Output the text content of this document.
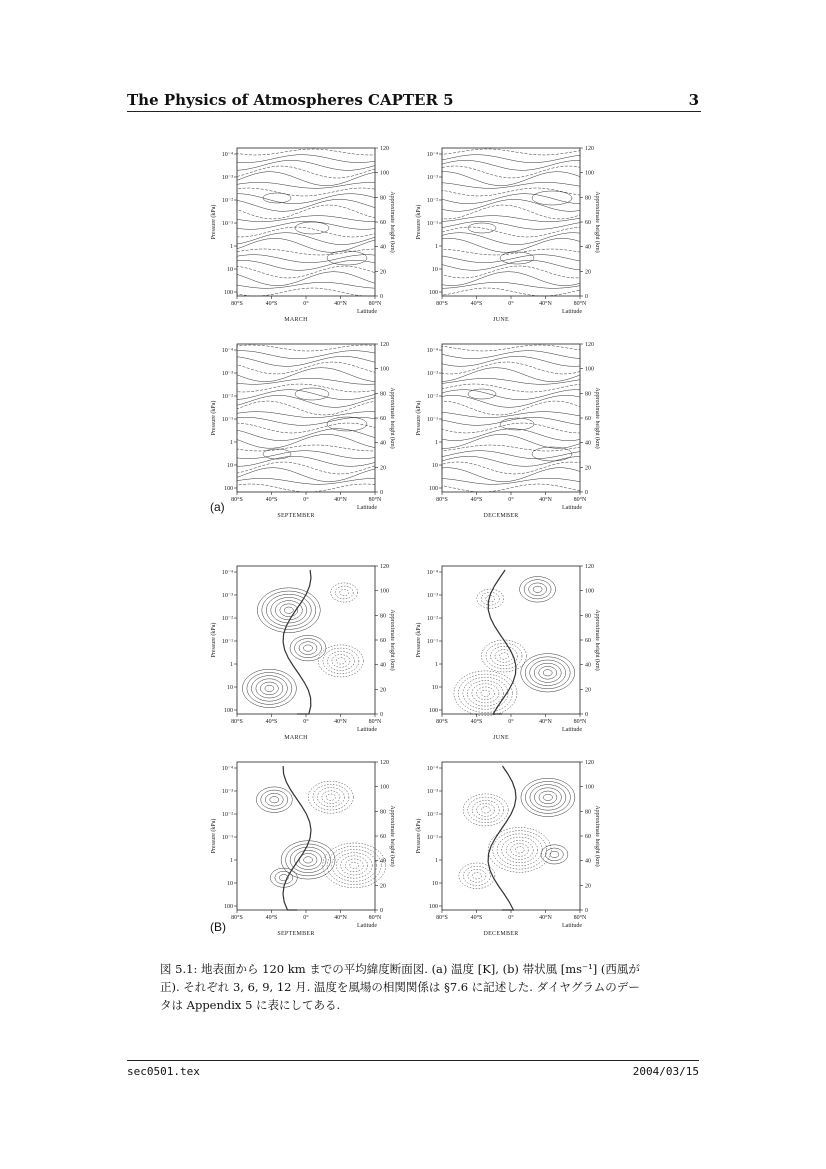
The Physics of Atmospheres CAPTER 5	3
80°S	40°S	0°	40°N	80°N
10⁻⁴
10⁻³
10⁻²
10⁻¹
1
10
100
120
100
80
60
40
20
0
Pressure (kPa)	Approximate height (km)
Latitude
MARCH
80°S	40°S	0°	40°N	80°N
10⁻⁴
10⁻³
10⁻²
10⁻¹
1
10
100
120
100
80
60
40
20
0
Pressure (kPa)	Approximate height (km)
Latitude
JUNE
80°S	40°S	0°	40°N	80°N
10⁻⁴
10⁻³
10⁻²
10⁻¹
1
10
100
120
100
80
60
40
20
0
Pressure (kPa)	Approximate height (km)
Latitude
SEPTEMBER
80°S	40°S	0°	40°N	80°N
10⁻⁴
10⁻³
10⁻²
10⁻¹
1
10
100
120
100
80
60
40
20
0
Pressure (kPa)	Approximate height (km)
Latitude
DECEMBER
80°S	40°S	0°	40°N	80°N
10⁻⁴
10⁻³
10⁻²
10⁻¹
1
10
100
120
100
80
60
40
20
0
Pressure (kPa)	Approximate height (km)
Latitude
MARCH
80°S	40°S	0°	40°N	80°N
10⁻⁴
10⁻³
10⁻²
10⁻¹
1
10
100
120
100
80
60
40
20
0
Pressure (kPa)	Approximate height (km)
Latitude
JUNE
80°S	40°S	0°	40°N	80°N
10⁻⁴
10⁻³
10⁻²
10⁻¹
1
10
100
120
100
80
60
40
20
0
Pressure (kPa)	Approximate height (km)
Latitude
SEPTEMBER
80°S	40°S	0°	40°N	80°N
10⁻⁴
10⁻³
10⁻²
10⁻¹
1
10
100
120
100
80
60
40
20
0
Pressure (kPa)	Approximate height (km)
Latitude
DECEMBER
(a)
(B)
図 5.1: 地表面から 120 km までの平均緯度断面図. (a) 温度 [K], (b) 帯状風 [ms⁻¹] (西風が
正). それぞれ 3, 6, 9, 12 月. 温度を風場の相関関係は §7.6 に記述した. ダイヤグラムのデー
タは Appendix 5 に表にしてある.
sec0501.tex	2004/03/15
